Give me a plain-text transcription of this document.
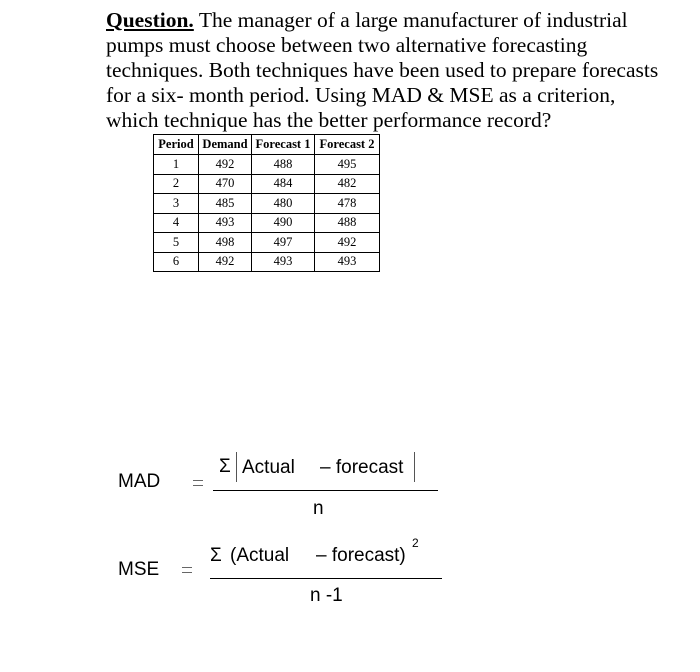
Question. The manager of a large manufacturer of industrial pumps must choose between two alternative forecasting techniques. Both techniques have been used to prepare forecasts for a six- month period. Using MAD & MSE as a criterion, which technique has the better performance record?
Period	Demand	Forecast 1	Forecast 2
1	492	488	495
2	470	484	482
3	485	480	478
4	493	490	488
5	498	497	492
6	492	493	493
MAD
Σ Actual – forecast
n
MSE
Σ (Actual – forecast)
2
n -1
